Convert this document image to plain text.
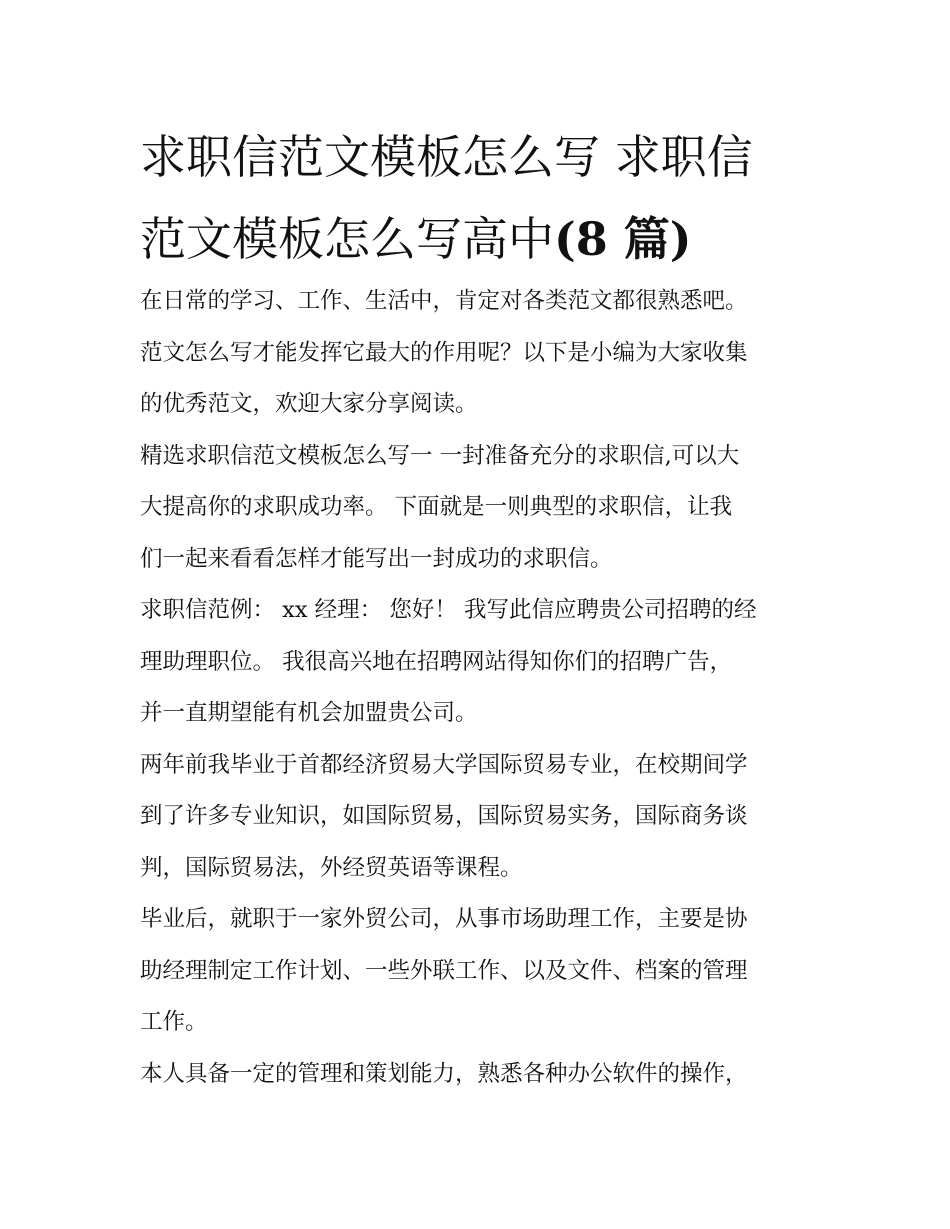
求职信范文模板怎么写 求职信
范文模板怎么写高中(8 篇)

在日常的学习、工作、生活中，肯定对各类范文都很熟悉吧。

范文怎么写才能发挥它最大的作用呢？以下是小编为大家收集

的优秀范文，欢迎大家分享阅读。

精选求职信范文模板怎么写一 一封准备充分的求职信,可以大

大提高你的求职成功率。 下面就是一则典型的求职信，让我

们一起来看看怎样才能写出一封成功的求职信。

求职信范例： xx 经理： 您好！ 我写此信应聘贵公司招聘的经

理助理职位。 我很高兴地在招聘网站得知你们的招聘广告，

并一直期望能有机会加盟贵公司。

两年前我毕业于首都经济贸易大学国际贸易专业，在校期间学

到了许多专业知识，如国际贸易，国际贸易实务，国际商务谈

判，国际贸易法，外经贸英语等课程。

毕业后，就职于一家外贸公司，从事市场助理工作，主要是协

助经理制定工作计划、一些外联工作、以及文件、档案的管理

工作。

本人具备一定的管理和策划能力，熟悉各种办公软件的操作，
